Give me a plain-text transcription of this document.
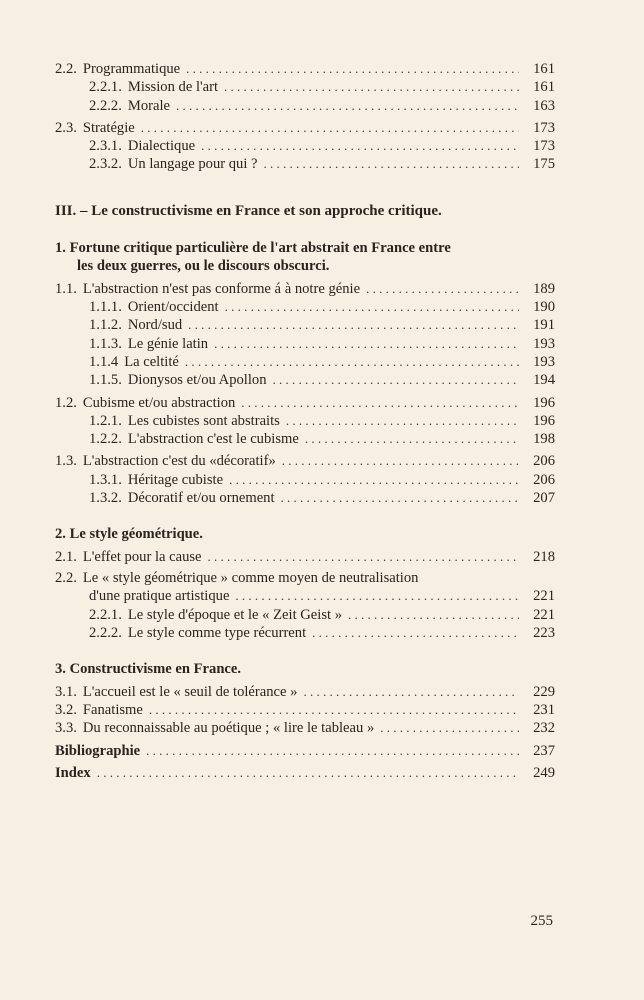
2.2. Programmatique . . .	161
2.2.1. Mission de l'art . . .	161
2.2.2. Morale . . .	163
2.3. Stratégie . . .	173
2.3.1. Dialectique . . .	173
2.3.2. Un langage pour qui ? . . .	175
III. – Le constructivisme en France et son approche critique.
1. Fortune critique particulière de l'art abstrait en France entre
les deux guerres, ou le discours obscurci.
1.1. L'abstraction n'est pas conforme á à notre génie . . .	189
1.1.1. Orient/occident . . .	190
1.1.2. Nord/sud . . .	191
1.1.3. Le génie latin . . .	193
1.1.4 La celtité . . .	193
1.1.5. Dionysos et/ou Apollon . . .	194
1.2. Cubisme et/ou abstraction . . .	196
1.2.1. Les cubistes sont abstraits . . .	196
1.2.2. L'abstraction c'est le cubisme . . .	198
1.3. L'abstraction c'est du «décoratif» . . .	206
1.3.1. Héritage cubiste . . .	206
1.3.2. Décoratif et/ou ornement . . .	207
2. Le style géométrique.
2.1. L'effet pour la cause . . .	218
2.2. Le « style géométrique » comme moyen de neutralisation
d'une pratique artistique . . .	221
2.2.1. Le style d'époque et le « Zeit Geist » . . .	221
2.2.2. Le style comme type récurrent . . .	223
3. Constructivisme en France.
3.1. L'accueil est le « seuil de tolérance » . . .	229
3.2. Fanatisme . . .	231
3.3. Du reconnaissable au poétique ; « lire le tableau » . . .	232
Bibliographie . . .	237
Index . . .	249
255
